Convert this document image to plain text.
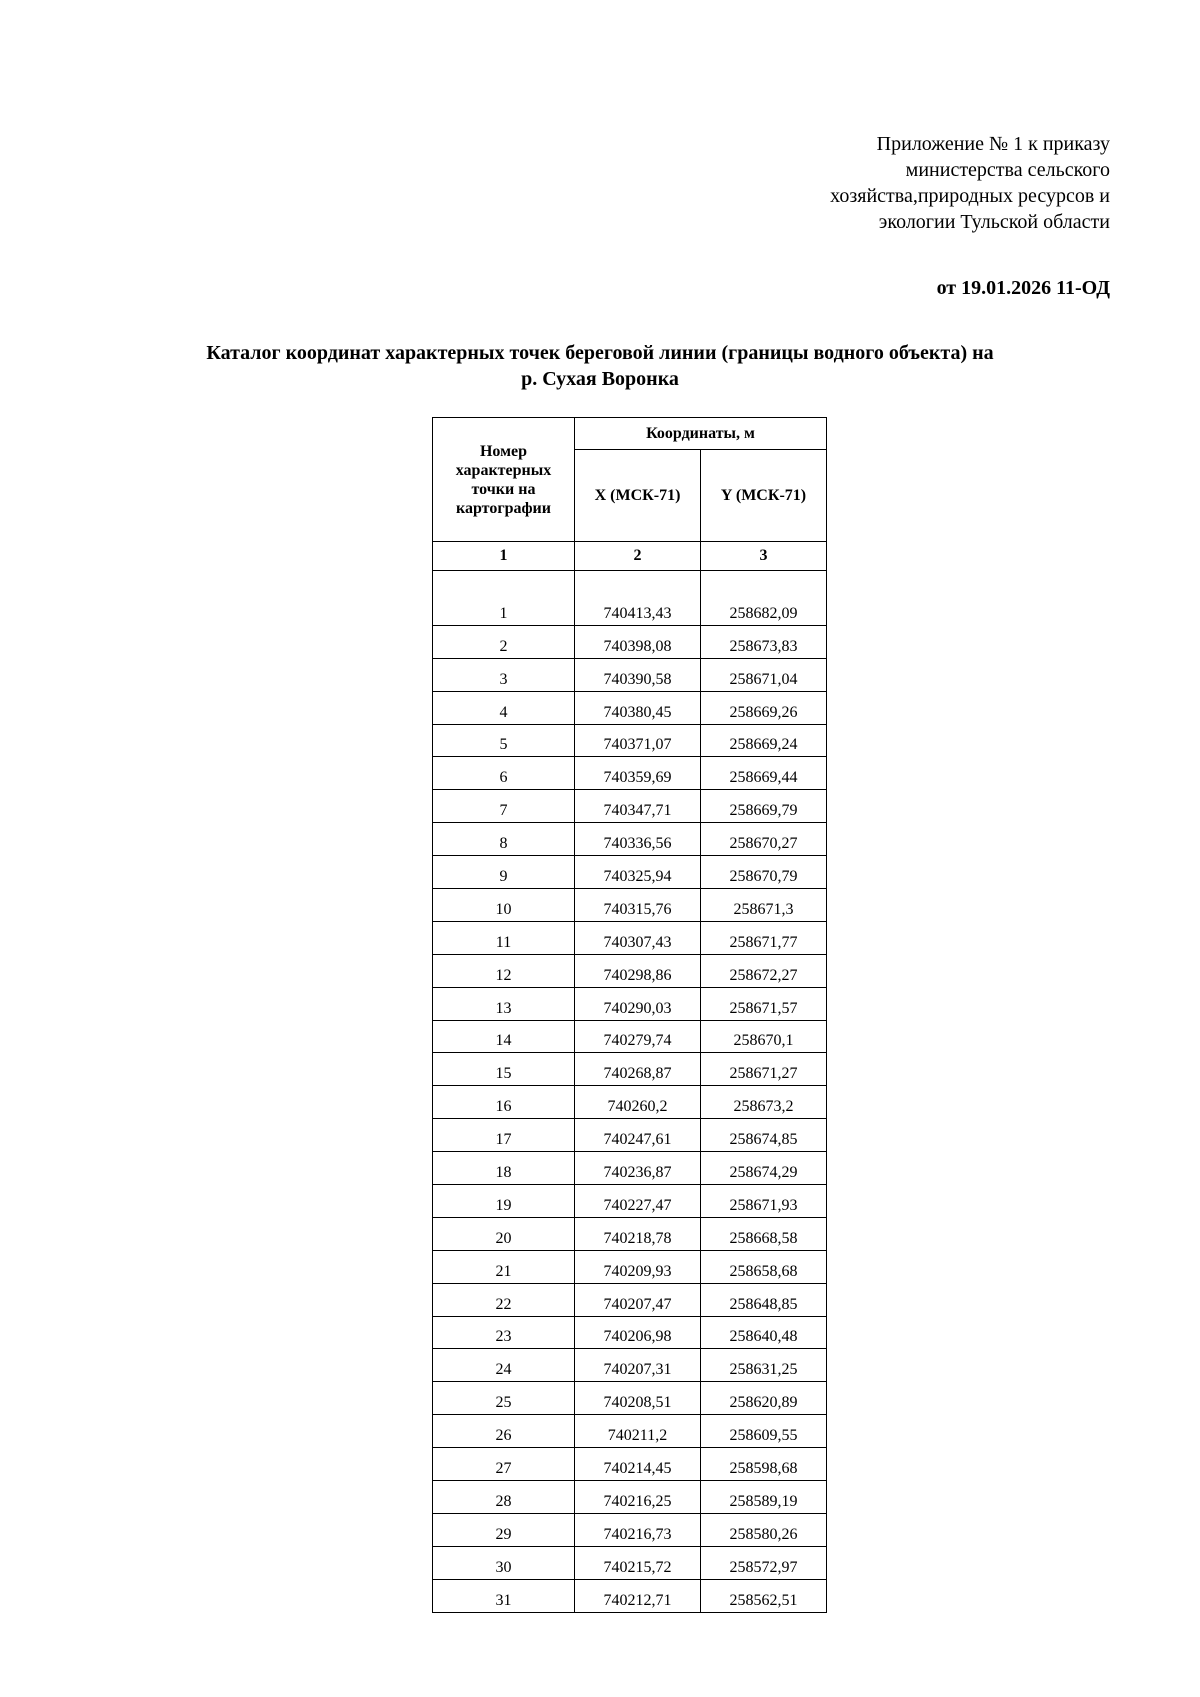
Приложение № 1 к приказу
министерства сельского
хозяйства,природных ресурсов и
экологии Тульской области
от 19.01.2026 11-ОД
Каталог координат характерных точек береговой линии (границы водного объекта) на
р. Сухая Воронка
Номер характерных точки на картографии	Координаты, м	
	X (МСК-71)	Y (МСК-71)
1	2	3

1	740413,43	258682,09
2	740398,08	258673,83
3	740390,58	258671,04
4	740380,45	258669,26
5	740371,07	258669,24
6	740359,69	258669,44
7	740347,71	258669,79
8	740336,56	258670,27
9	740325,94	258670,79
10	740315,76	258671,3
11	740307,43	258671,77
12	740298,86	258672,27
13	740290,03	258671,57
14	740279,74	258670,1
15	740268,87	258671,27
16	740260,2	258673,2
17	740247,61	258674,85
18	740236,87	258674,29
19	740227,47	258671,93
20	740218,78	258668,58
21	740209,93	258658,68
22	740207,47	258648,85
23	740206,98	258640,48
24	740207,31	258631,25
25	740208,51	258620,89
26	740211,2	258609,55
27	740214,45	258598,68
28	740216,25	258589,19
29	740216,73	258580,26
30	740215,72	258572,97
31	740212,71	258562,51
